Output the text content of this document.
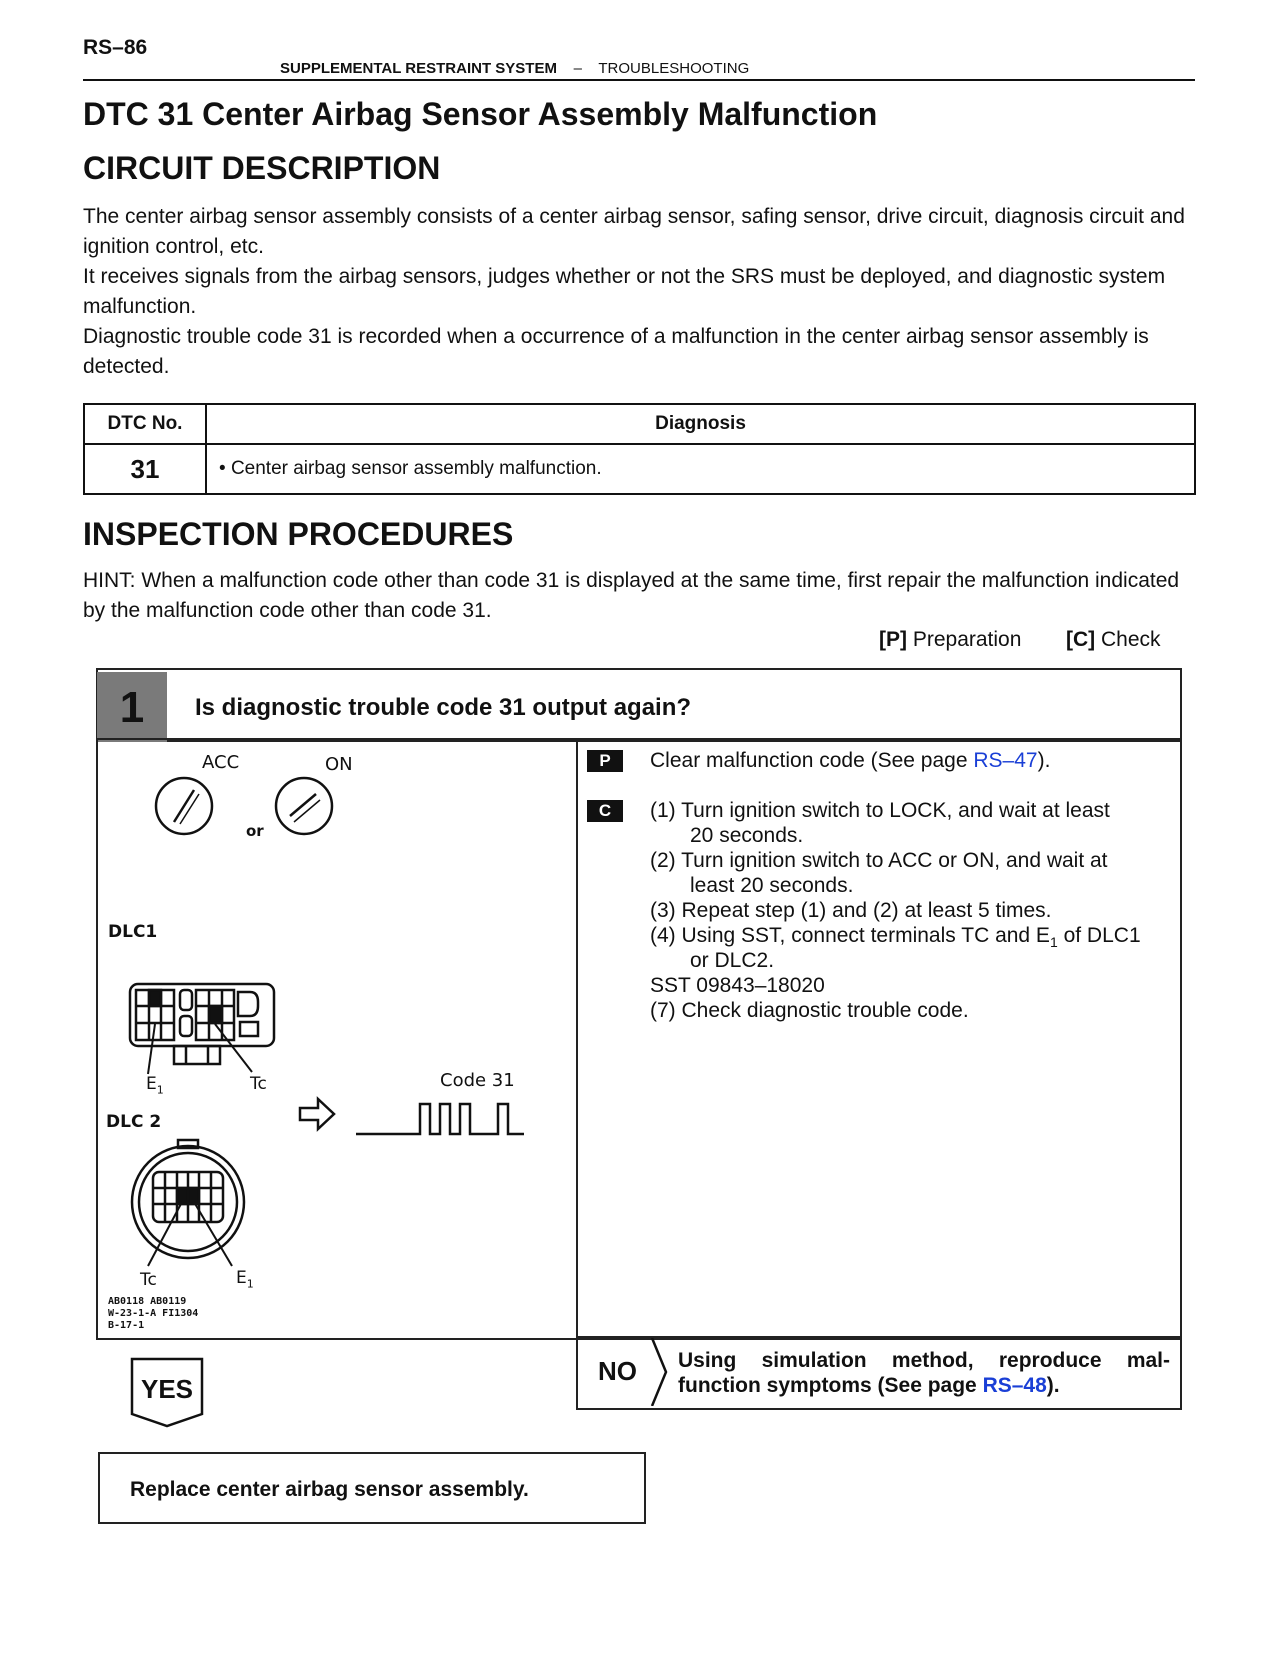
RS–86
SUPPLEMENTAL RESTRAINT SYSTEM – TROUBLESHOOTING
DTC 31 Center Airbag Sensor Assembly Malfunction
CIRCUIT DESCRIPTION

The center airbag sensor assembly consists of a center airbag sensor, safing sensor, drive circuit, diagnosis circuit and ignition control, etc.

It receives signals from the airbag sensors, judges whether or not the SRS must be deployed, and diagnostic system malfunction.

Diagnostic trouble code 31 is recorded when a occurrence of a malfunction in the center airbag sensor assembly is detected.

DTC No.	Diagnosis
31	• Center airbag sensor assembly malfunction.
INSPECTION PROCEDURES
HINT: When a malfunction code other than code 31 is displayed at the same time, first repair the malfunction indicated by the malfunction code other than code 31.
[P] Preparation [C] Check
1	Is diagnostic trouble code 31 output again?
ACC	ON
or
DLC1
$E_1$	Tc	Code 31
DLC 2
Tc	$E_1$
AB0118 AB0119
W-23-1-A FI1304
B-17-1
P	Clear malfunction code (See page RS–47).
C	(1) Turn ignition switch to LOCK, and wait at least
20 seconds.
(2) Turn ignition switch to ACC or ON, and wait at
least 20 seconds.
(3) Repeat step (1) and (2) at least 5 times.
(4) Using SST, connect terminals TC and $E_1$ of DLC1
or DLC2.
SST 09843–18020
(7) Check diagnostic trouble code.
YES
NO Using simulation method, reproduce mal-function symptoms (See page RS–48).
Replace center airbag sensor assembly.
